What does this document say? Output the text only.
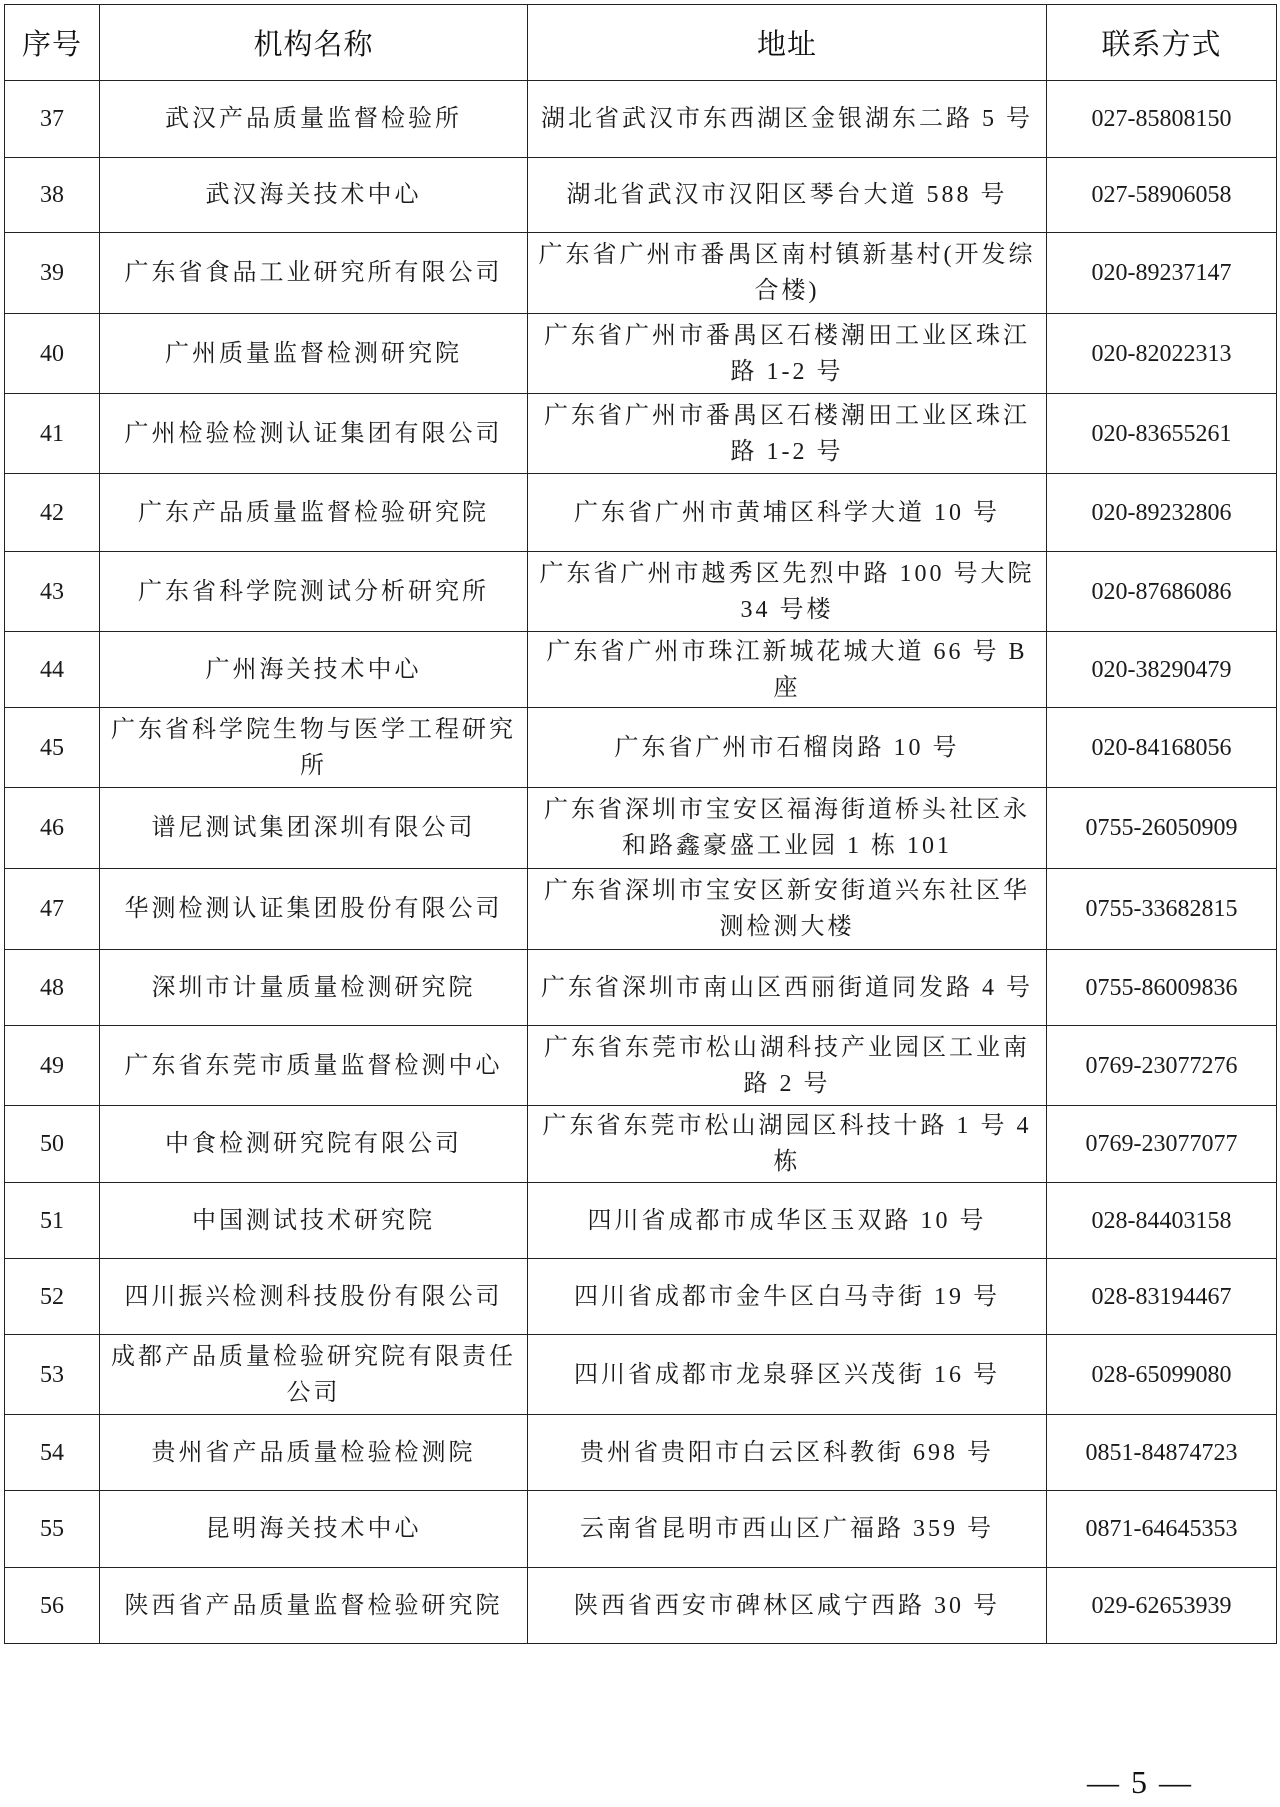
序号	机构名称	地址	联系方式
37	武汉产品质量监督检验所	湖北省武汉市东西湖区金银湖东二路 5 号	027-85808150
38	武汉海关技术中心	湖北省武汉市汉阳区琴台大道 588 号	027-58906058
39	广东省食品工业研究所有限公司	广东省广州市番禺区南村镇新基村(开发综合楼)	020-89237147
40	广州质量监督检测研究院	广东省广州市番禺区石楼潮田工业区珠江路 1-2 号	020-82022313
41	广州检验检测认证集团有限公司	广东省广州市番禺区石楼潮田工业区珠江路 1-2 号	020-83655261
42	广东产品质量监督检验研究院	广东省广州市黄埔区科学大道 10 号	020-89232806
43	广东省科学院测试分析研究所	广东省广州市越秀区先烈中路 100 号大院 34 号楼	020-87686086
44	广州海关技术中心	广东省广州市珠江新城花城大道 66 号 B 座	020-38290479
45	广东省科学院生物与医学工程研究所	广东省广州市石榴岗路 10 号	020-84168056
46	谱尼测试集团深圳有限公司	广东省深圳市宝安区福海街道桥头社区永和路鑫豪盛工业园 1 栋 101	0755-26050909
47	华测检测认证集团股份有限公司	广东省深圳市宝安区新安街道兴东社区华测检测大楼	0755-33682815
48	深圳市计量质量检测研究院	广东省深圳市南山区西丽街道同发路 4 号	0755-86009836
49	广东省东莞市质量监督检测中心	广东省东莞市松山湖科技产业园区工业南路 2 号	0769-23077276
50	中食检测研究院有限公司	广东省东莞市松山湖园区科技十路 1 号 4 栋	0769-23077077
51	中国测试技术研究院	四川省成都市成华区玉双路 10 号	028-84403158
52	四川振兴检测科技股份有限公司	四川省成都市金牛区白马寺街 19 号	028-83194467
53	成都产品质量检验研究院有限责任公司	四川省成都市龙泉驿区兴茂街 16 号	028-65099080
54	贵州省产品质量检验检测院	贵州省贵阳市白云区科教街 698 号	0851-84874723
55	昆明海关技术中心	云南省昆明市西山区广福路 359 号	0871-64645353
56	陕西省产品质量监督检验研究院	陕西省西安市碑林区咸宁西路 30 号	029-62653939
— 5 —
